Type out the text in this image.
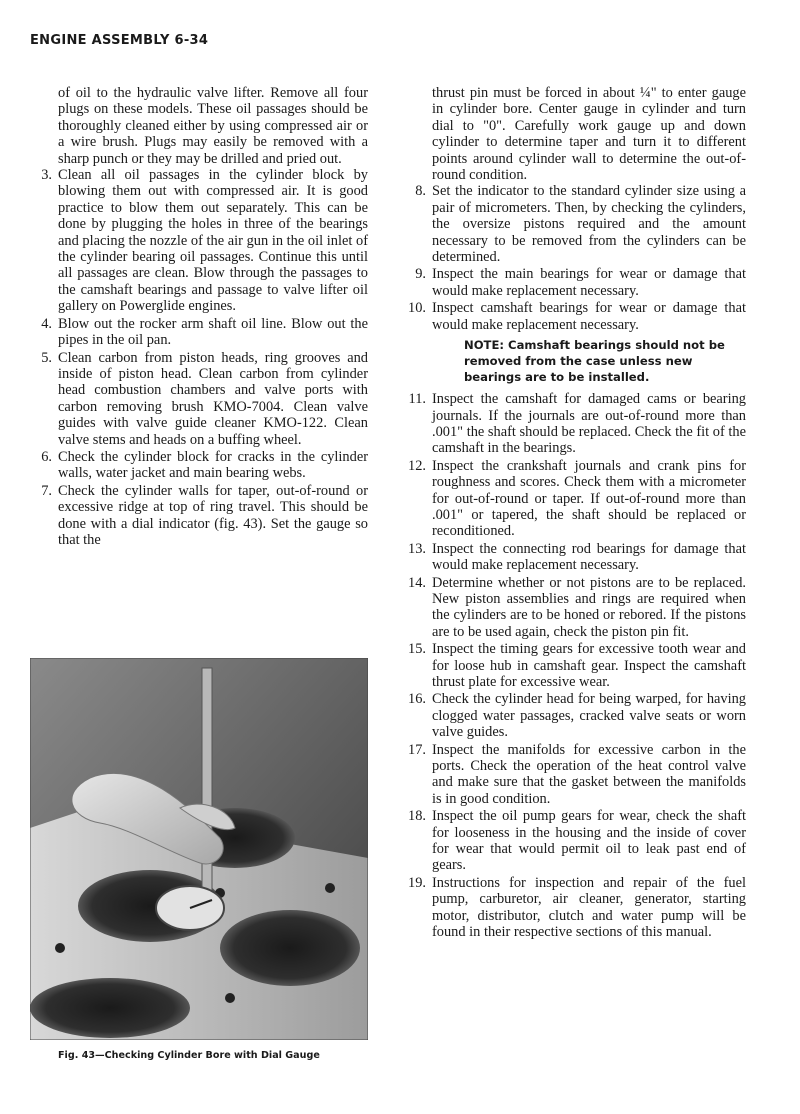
ENGINE ASSEMBLY 6-34
of oil to the hydraulic valve lifter. Remove all four plugs on these models. These oil passages should be thoroughly cleaned either by using compressed air or a wire brush. Plugs may easily be removed with a sharp punch or they may be drilled and pried out.
3. Clean all oil passages in the cylinder block by blowing them out with compressed air. It is good practice to blow them out separately. This can be done by plugging the holes in three of the bearings and placing the nozzle of the air gun in the oil inlet of the cylinder bearing oil passages. Continue this until all passages are clean. Blow through the passages to the camshaft bearings and passage to valve lifter oil gallery on Powerglide engines.
4. Blow out the rocker arm shaft oil line. Blow out the pipes in the oil pan.
5. Clean carbon from piston heads, ring grooves and inside of piston head. Clean carbon from cylinder head combustion chambers and valve ports with carbon removing brush KMO-7004. Clean valve guides with valve guide cleaner KMO-122. Clean valve stems and heads on a buffing wheel.
6. Check the cylinder block for cracks in the cylinder walls, water jacket and main bearing webs.
7. Check the cylinder walls for taper, out-of-round or excessive ridge at top of ring travel. This should be done with a dial indicator (fig. 43). Set the gauge so that the
Fig. 43—Checking Cylinder Bore with Dial Gauge
thrust pin must be forced in about ¼" to enter gauge in cylinder bore. Center gauge in cylinder and turn dial to "0". Carefully work gauge up and down cylinder to determine taper and turn it to different points around cylinder wall to determine the out-of-round condition.
8. Set the indicator to the standard cylinder size using a pair of micrometers. Then, by checking the cylinders, the oversize pistons required and the amount necessary to be removed from the cylinders can be determined.
9. Inspect the main bearings for wear or damage that would make replacement necessary.
10. Inspect camshaft bearings for wear or damage that would make replacement necessary.
NOTE: Camshaft bearings should not be removed from the case unless new bearings are to be installed.
11. Inspect the camshaft for damaged cams or bearing journals. If the journals are out-of-round more than .001" the shaft should be replaced. Check the fit of the camshaft in the bearings.
12. Inspect the crankshaft journals and crank pins for roughness and scores. Check them with a micrometer for out-of-round or taper. If out-of-round more than .001" or tapered, the shaft should be replaced or reconditioned.
13. Inspect the connecting rod bearings for damage that would make replacement necessary.
14. Determine whether or not pistons are to be replaced. New piston assemblies and rings are required when the cylinders are to be honed or rebored. If the pistons are to be used again, check the piston pin fit.
15. Inspect the timing gears for excessive tooth wear and for loose hub in camshaft gear. Inspect the camshaft thrust plate for excessive wear.
16. Check the cylinder head for being warped, for having clogged water passages, cracked valve seats or worn valve guides.
17. Inspect the manifolds for excessive carbon in the ports. Check the operation of the heat control valve and make sure that the gasket between the manifolds is in good condition.
18. Inspect the oil pump gears for wear, check the shaft for looseness in the housing and the inside of cover for wear that would permit oil to leak past end of gears.
19. Instructions for inspection and repair of the fuel pump, carburetor, air cleaner, generator, starting motor, distributor, clutch and water pump will be found in their respective sections of this manual.
